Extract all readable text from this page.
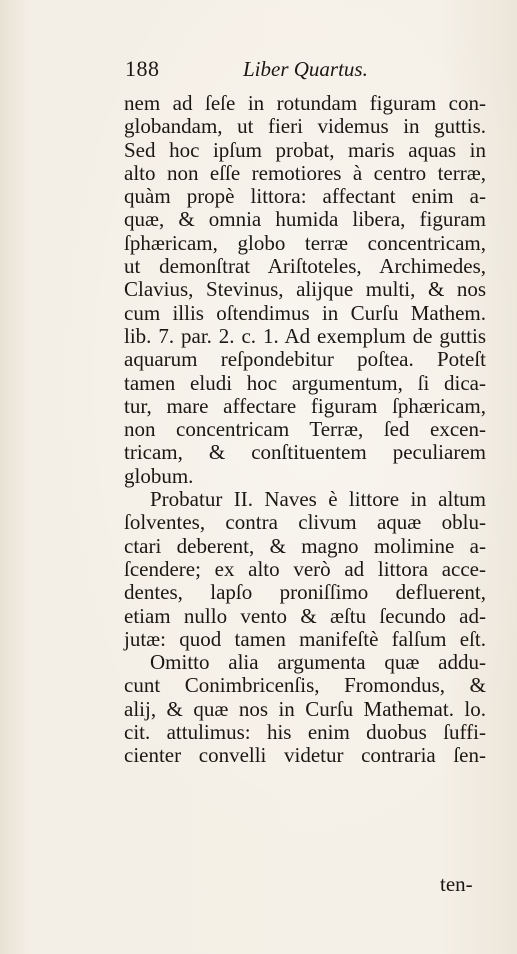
188	Liber Quartus.
nem ad ſeſe in rotundam figuram con-
globandam, ut fieri videmus in guttis.
Sed hoc ipſum probat, maris aquas in
alto non eſſe remotiores à centro terræ,
quàm propè littora: affectant enim a-
quæ, & omnia humida libera, figuram
ſphæricam, globo terræ concentricam,
ut demonſtrat Ariſtoteles, Archimedes,
Clavius, Stevinus, alijque multi, & nos
cum illis oſtendimus in Curſu Mathem.
lib. 7. par. 2. c. 1. Ad exemplum de guttis
aquarum reſpondebitur poſtea. Poteſt
tamen eludi hoc argumentum, ſi dica-
tur, mare affectare figuram ſphæricam,
non concentricam Terræ, ſed excen-
tricam, & conſtituentem peculiarem
globum.
Probatur II. Naves è littore in altum
ſolventes, contra clivum aquæ oblu-
ctari deberent, & magno molimine a-
ſcendere; ex alto verò ad littora acce-
dentes, lapſo proniſſimo defluerent,
etiam nullo vento & æſtu ſecundo ad-
jutæ: quod tamen manifeſtè falſum eſt.
Omitto alia argumenta quæ addu-
cunt Conimbricenſis, Fromondus, &
alij, & quæ nos in Curſu Mathemat. lo.
cit. attulimus: his enim duobus ſuffi-
cienter convelli videtur contraria ſen-
ten-
